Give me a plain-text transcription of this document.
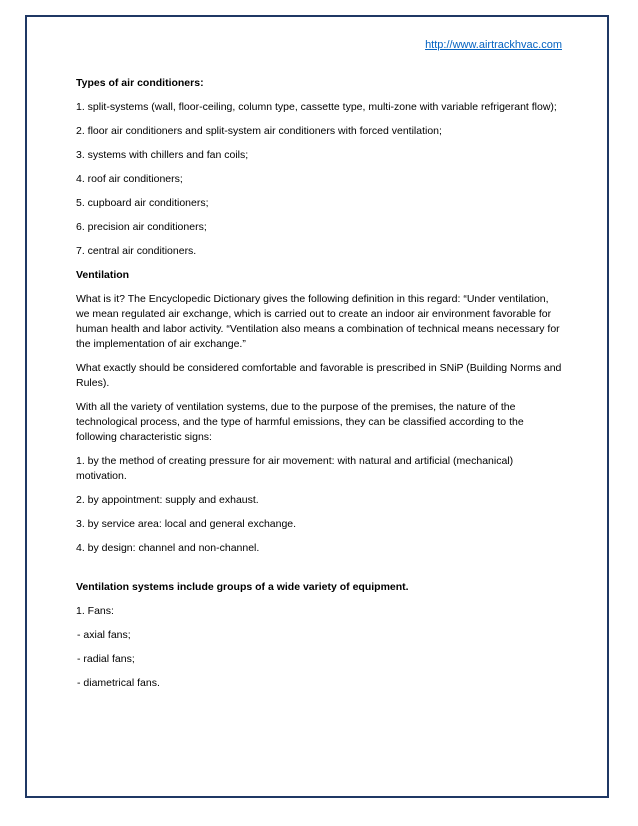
http://www.airtrackhvac.com

Types of air conditioners:

1. split-systems (wall, floor-ceiling, column type, cassette type, multi-zone with variable refrigerant flow);

2. floor air conditioners and split-system air conditioners with forced ventilation;

3. systems with chillers and fan coils;

4. roof air conditioners;

5. cupboard air conditioners;

6. precision air conditioners;

7. central air conditioners.

Ventilation

What is it? The Encyclopedic Dictionary gives the following definition in this regard: “Under ventilation, we mean regulated air exchange, which is carried out to create an indoor air environment favorable for human health and labor activity. “Ventilation also means a combination of technical means necessary for the implementation of air exchange.”

What exactly should be considered comfortable and favorable is prescribed in SNiP (Building Norms and Rules).

With all the variety of ventilation systems, due to the purpose of the premises, the nature of the technological process, and the type of harmful emissions, they can be classified according to the following characteristic signs:

1. by the method of creating pressure for air movement: with natural and artificial (mechanical) motivation.

2. by appointment: supply and exhaust.

3. by service area: local and general exchange.

4. by design: channel and non-channel.

Ventilation systems include groups of a wide variety of equipment.

1. Fans:

- axial fans;

- radial fans;

- diametrical fans.
